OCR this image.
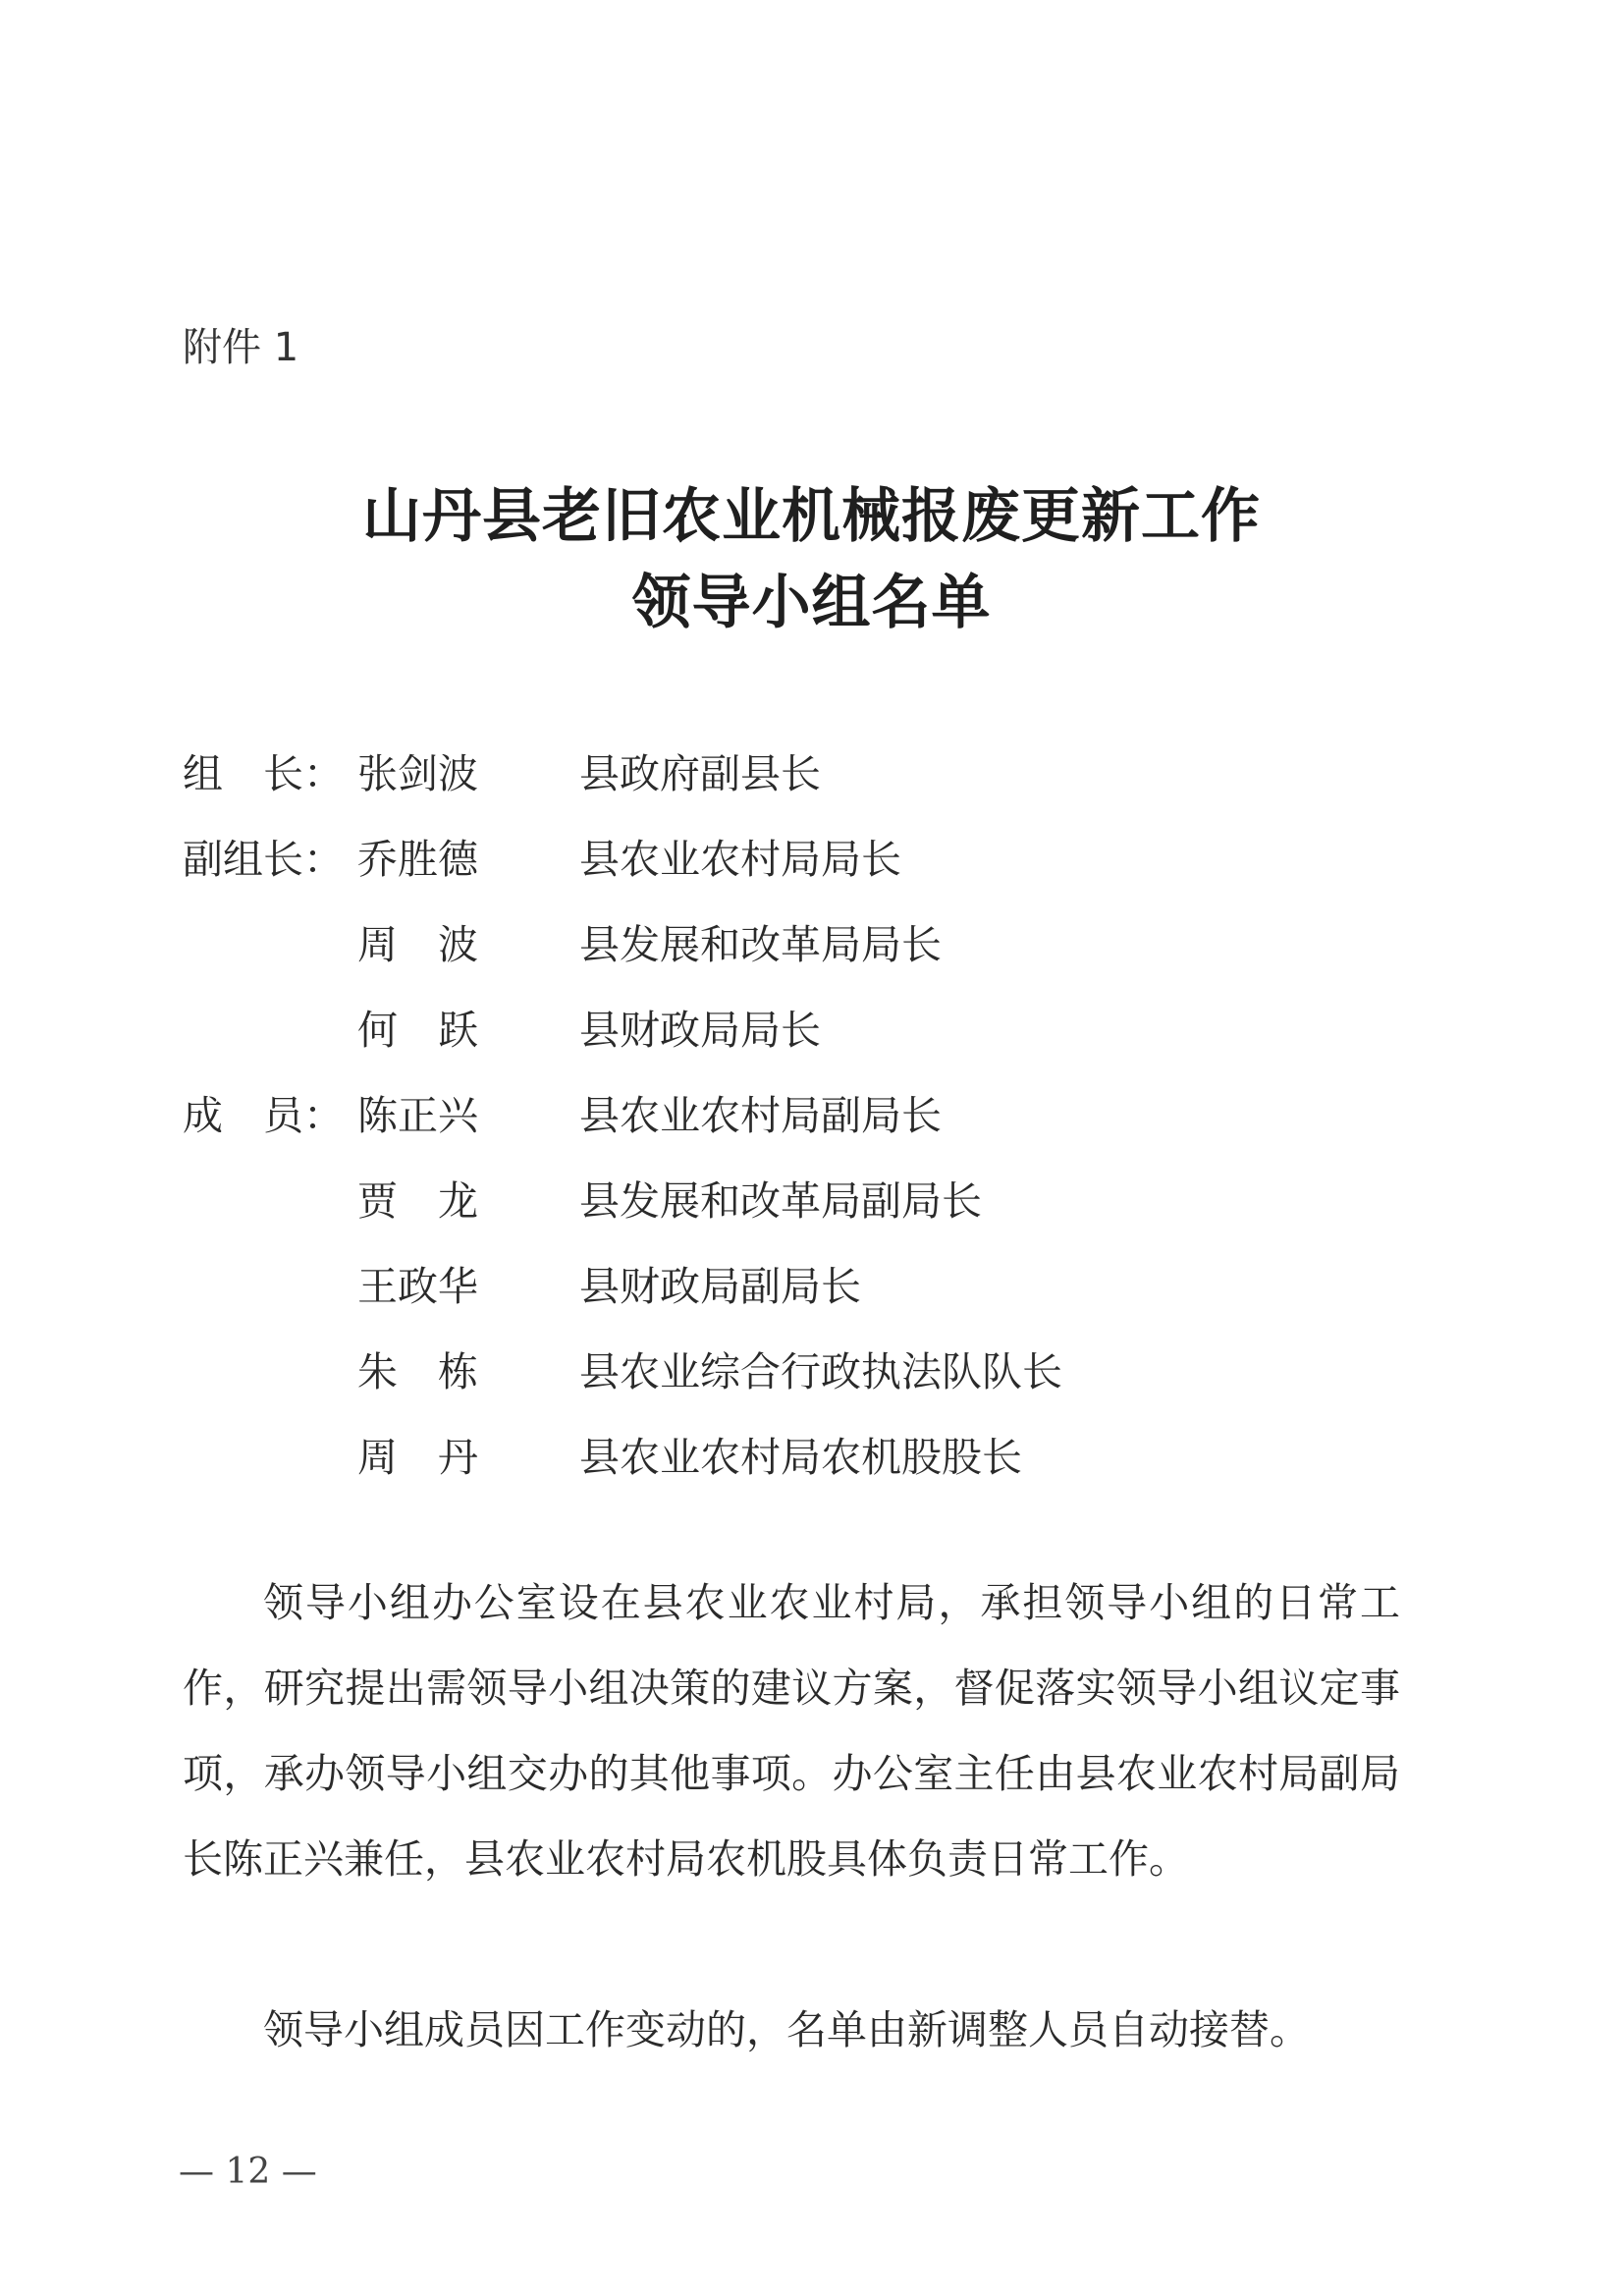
附件 1
山丹县老旧农业机械报废更新工作
领导小组名单
组　长： 张剑波	县政府副县长
副组长： 乔胜德	县农业农村局局长
周　波	县发展和改革局局长
何　跃	县财政局局长
成　员： 陈正兴	县农业农村局副局长
贾　龙	县发展和改革局副局长
王政华	县财政局副局长
朱　栋	县农业综合行政执法队队长
周　丹	县农业农村局农机股股长

领导小组办公室设在县农业农业村局，承担领导小组的日常工作，研究提出需领导小组决策的建议方案，督促落实领导小组议定事项，承办领导小组交办的其他事项。办公室主任由县农业农村局副局长陈正兴兼任，县农业农村局农机股具体负责日常工作。

领导小组成员因工作变动的，名单由新调整人员自动接替。

— 12 —
